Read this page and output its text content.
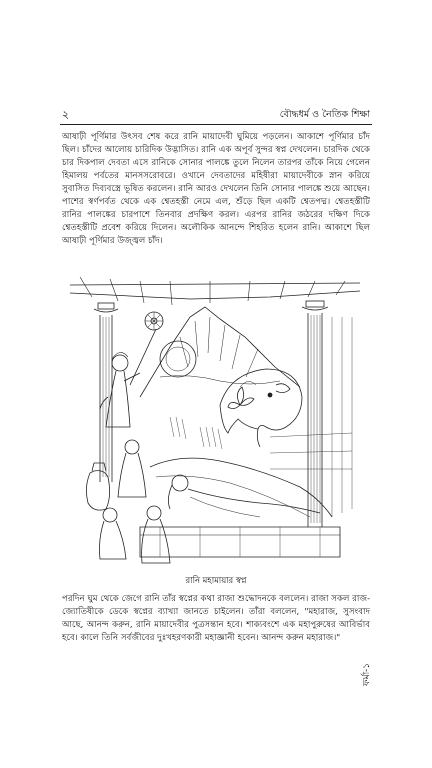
২	বৌদ্ধধর্ম ও নৈতিক শিক্ষা

আষাঢ়ী পূর্ণিমার উৎসব শেষ করে রানি মায়াদেবী ঘুমিয়ে পড়লেন। আকাশে পূর্ণিমার চাঁদ ছিল। চাঁদের আলোয় চারিদিক উদ্ভাসিত। রানি এক অপূর্ব সুন্দর স্বপ্ন দেখলেন। চারদিক থেকে চার দিকপাল দেবতা এসে রানিকে সোনার পালঙ্কে তুলে নিলেন তারপর তাঁকে নিয়ে গেলেন হিমালয় পর্বতের মানসসরোবরে। ওখানে দেবতাদের মহিষীরা মায়াদেবীকে স্নান করিয়ে সুবাসিত দিব্যবস্ত্রে ভূষিত করলেন। রানি আরও দেখলেন তিনি সোনার পালঙ্কে শুয়ে আছেন। পাশের স্বর্ণপর্বত থেকে এক শ্বেতহস্তী নেমে এল, শুঁড়ে ছিল একটি শ্বেতপদ্ম। শ্বেতহস্তীটি রানির পালঙ্কের চারপাশে তিনবার প্রদক্ষিণ করল। এরপর রানির জঠরের দক্ষিণ দিকে শ্বেতহস্তীটি প্রবেশ করিয়ে দিলেন। অলৌকিক আনন্দে শিহরিত হলেন রানি। আকাশে ছিল আষাঢ়ী পূর্ণিমার উজ্জ্বল চাঁদ।

রানি মহামায়ার স্বপ্ন

পরদিন ঘুম থেকে জেগে রানি তাঁর স্বপ্নের কথা রাজা শুদ্ধোদনকে বললেন। রাজা সকল রাজ-জ্যোতিষীকে ডেকে স্বপ্নের ব্যাখ্যা জানতে চাইলেন। তাঁরা বললেন, "মহারাজ, সুসংবাদ আছে, আনন্দ করুন, রানি মায়াদেবীর পুত্রসন্তান হবে। শাক্যবংশে এক মহাপুরুষের আবির্ভাব হবে। কালে তিনি সর্বজীবের দুঃখহরণকারী মহাজ্ঞানী হবেন। আনন্দ করুন মহারাজ।"

ফর্মা-১
